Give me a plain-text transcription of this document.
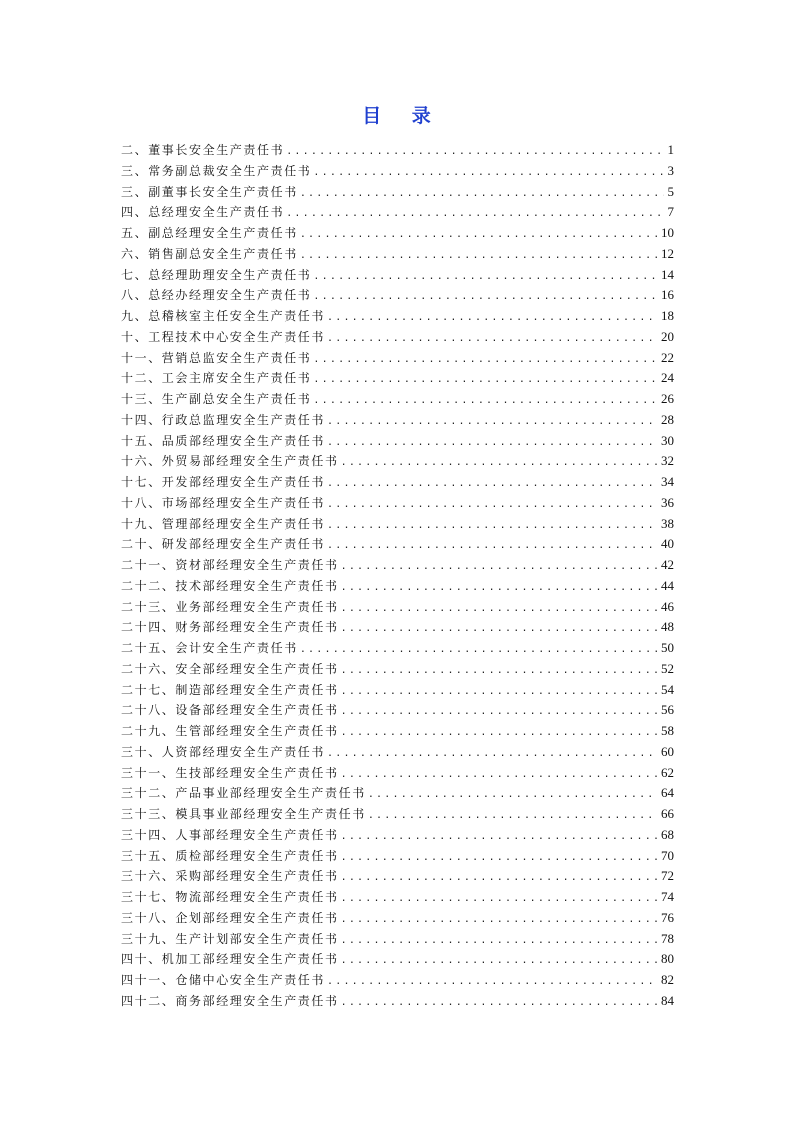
目 录
二、董事长安全生产责任书 .....	1
三、常务副总裁安全生产责任书 .....	3
三、副董事长安全生产责任书 .....	5
四、总经理安全生产责任书 .....	7
五、副总经理安全生产责任书 .....	10
六、销售副总安全生产责任书 .....	12
七、总经理助理安全生产责任书 .....	14
八、总经办经理安全生产责任书 .....	16
九、总稽核室主任安全生产责任书 .....	18
十、工程技术中心安全生产责任书 .....	20
十一、营销总监安全生产责任书 .....	22
十二、工会主席安全生产责任书 .....	24
十三、生产副总安全生产责任书 .....	26
十四、行政总监理安全生产责任书 .....	28
十五、品质部经理安全生产责任书 .....	30
十六、外贸易部经理安全生产责任书 .....	32
十七、开发部经理安全生产责任书 .....	34
十八、市场部经理安全生产责任书 .....	36
十九、管理部经理安全生产责任书 .....	38
二十、研发部经理安全生产责任书 .....	40
二十一、资材部经理安全生产责任书 .....	42
二十二、技术部经理安全生产责任书 .....	44
二十三、业务部经理安全生产责任书 .....	46
二十四、财务部经理安全生产责任书 .....	48
二十五、会计安全生产责任书 .....	50
二十六、安全部经理安全生产责任书 .....	52
二十七、制造部经理安全生产责任书 .....	54
二十八、设备部经理安全生产责任书 .....	56
二十九、生管部经理安全生产责任书 .....	58
三十、人资部经理安全生产责任书 .....	60
三十一、生技部经理安全生产责任书 .....	62
三十二、产品事业部经理安全生产责任书 .....	64
三十三、模具事业部经理安全生产责任书 .....	66
三十四、人事部经理安全生产责任书 .....	68
三十五、质检部经理安全生产责任书 .....	70
三十六、采购部经理安全生产责任书 .....	72
三十七、物流部经理安全生产责任书 .....	74
三十八、企划部经理安全生产责任书 .....	76
三十九、生产计划部安全生产责任书 .....	78
四十、机加工部经理安全生产责任书 .....	80
四十一、仓储中心安全生产责任书 .....	82
四十二、商务部经理安全生产责任书 .....	84
